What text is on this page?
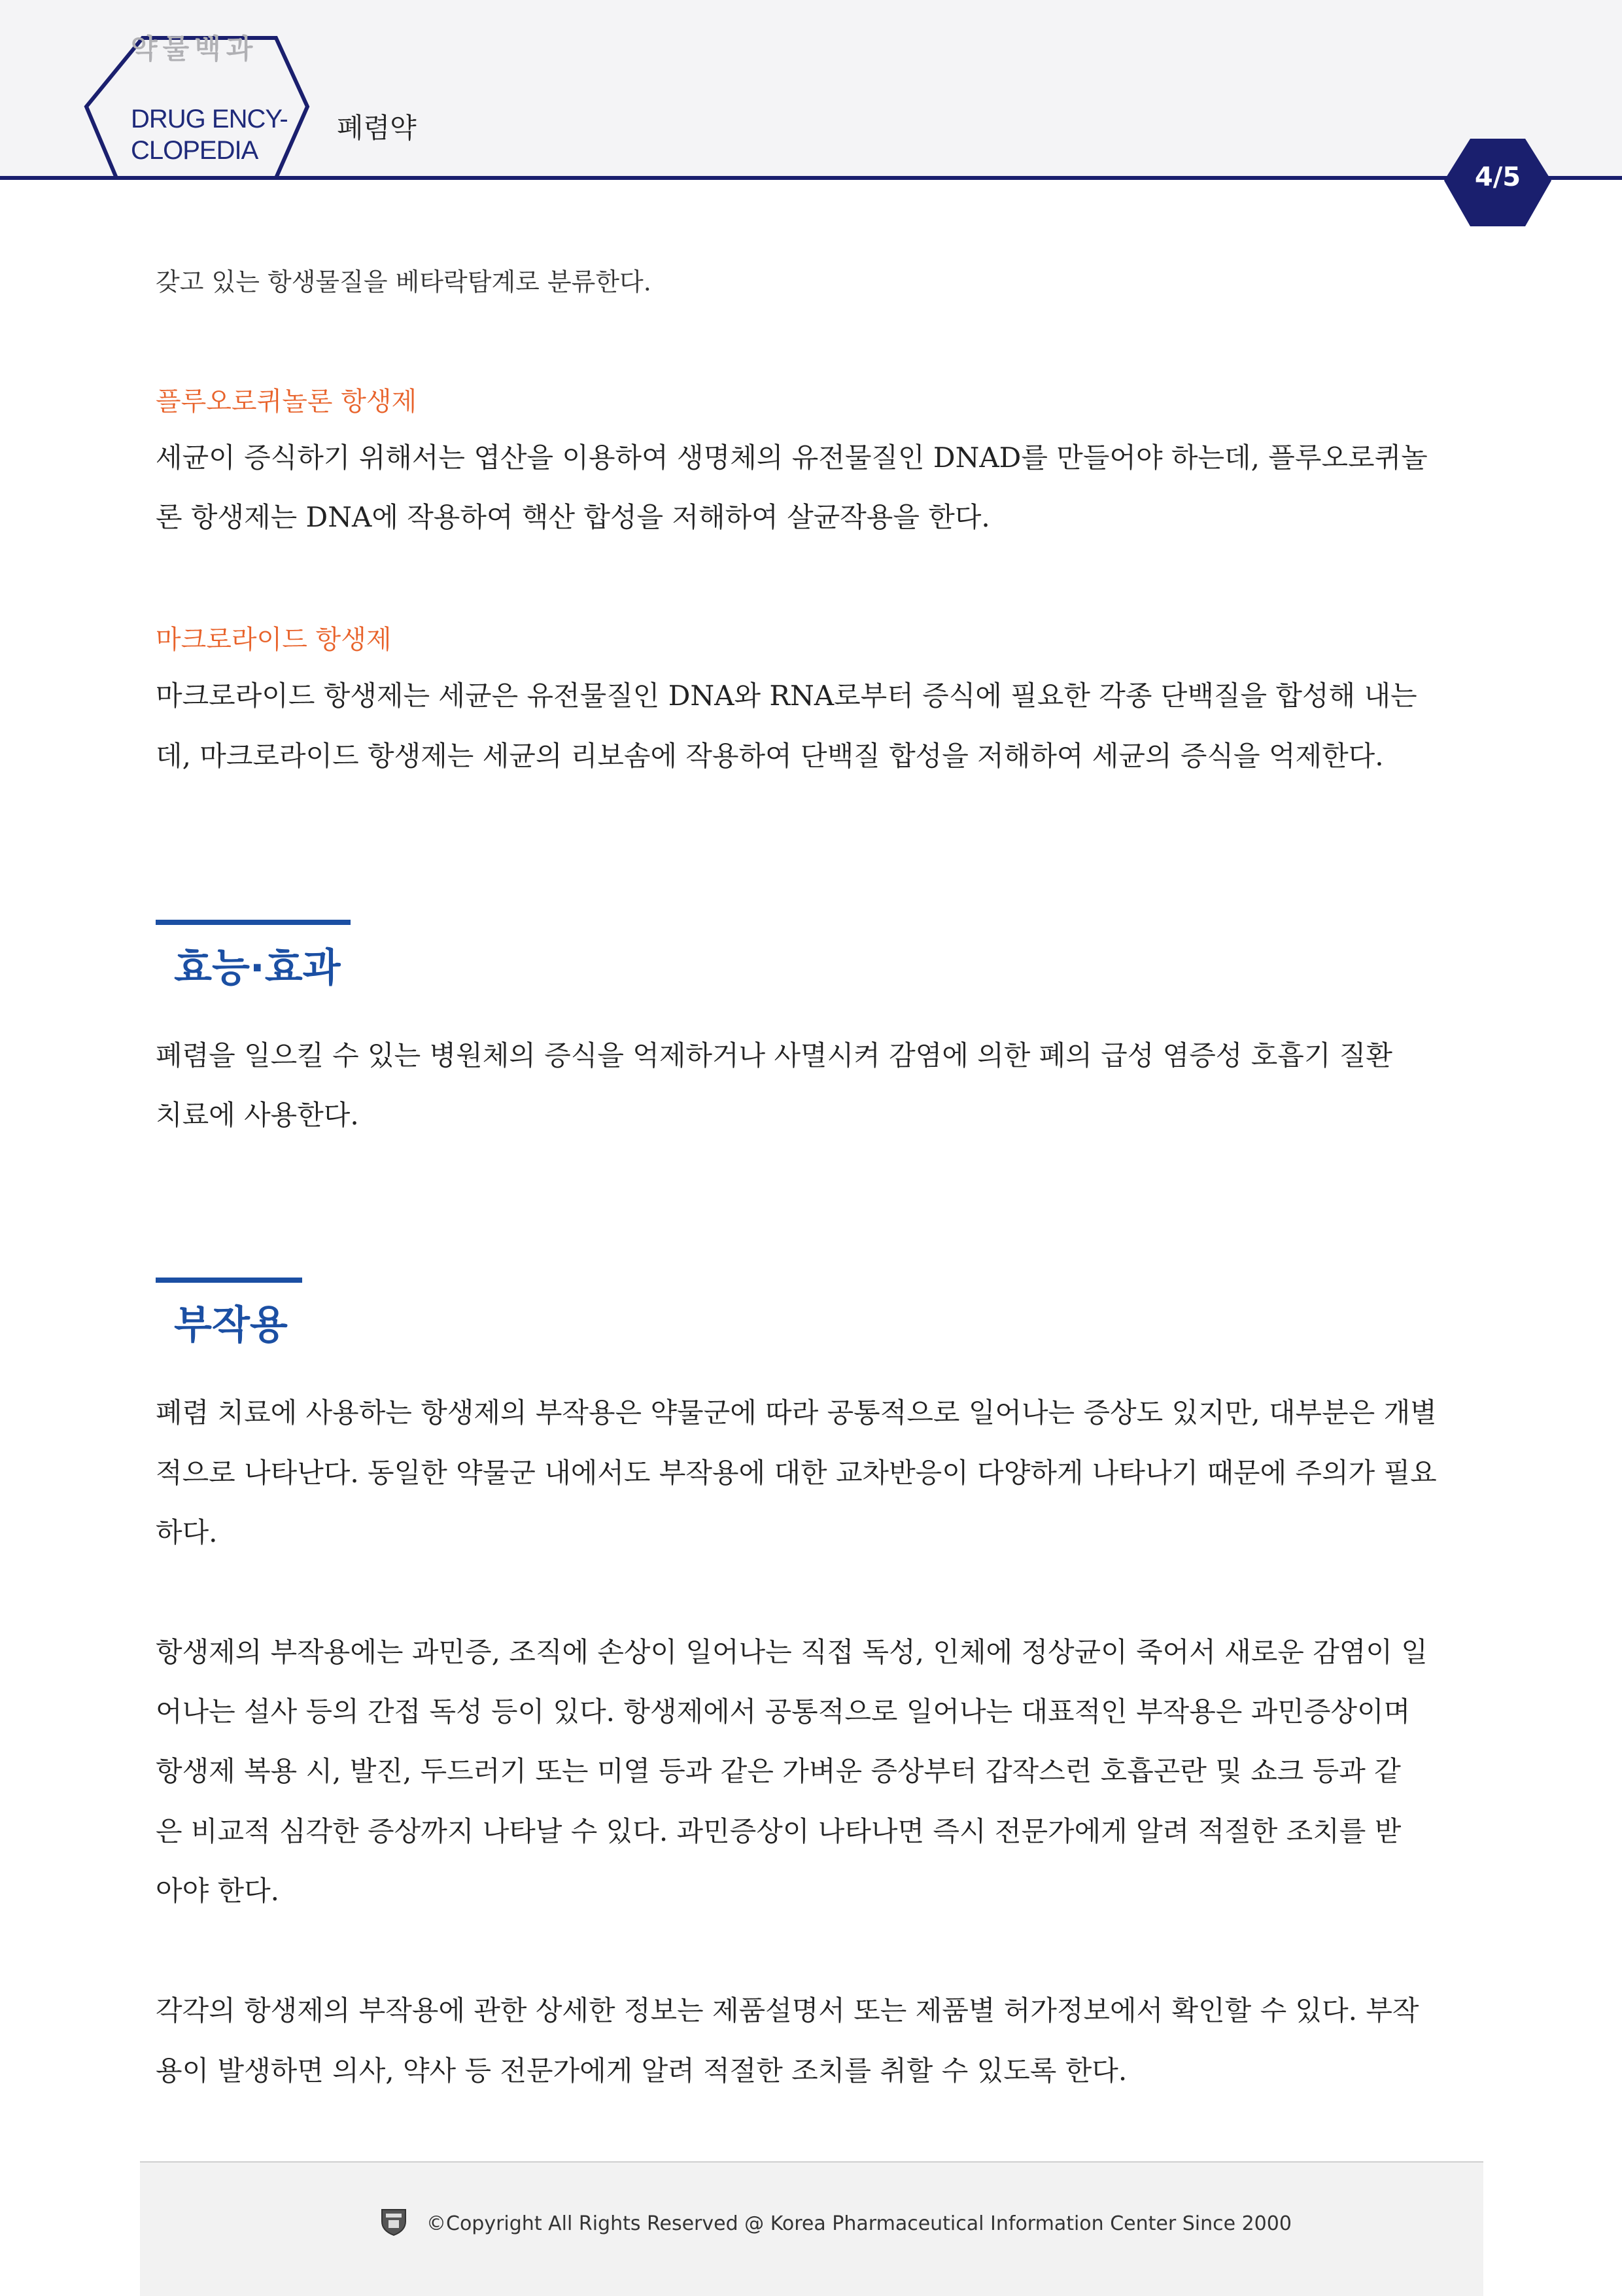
약물백과
DRUG ENCY-
CLOPEDIA
폐렴약
4/5

갖고 있는 항생물질을 베타락탐계로 분류한다.

플루오로퀴놀론 항생제

세균이 증식하기 위해서는 엽산을 이용하여 생명체의 유전물질인 DNAD를 만들어야 하는데, 플루오로퀴놀

론 항생제는 DNA에 작용하여 핵산 합성을 저해하여 살균작용을 한다.

마크로라이드 항생제

마크로라이드 항생제는 세균은 유전물질인 DNA와 RNA로부터 증식에 필요한 각종 단백질을 합성해 내는

데, 마크로라이드 항생제는 세균의 리보솜에 작용하여 단백질 합성을 저해하여 세균의 증식을 억제한다.

효능·효과

폐렴을 일으킬 수 있는 병원체의 증식을 억제하거나 사멸시켜 감염에 의한 폐의 급성 염증성 호흡기 질환

치료에 사용한다.

부작용

폐렴 치료에 사용하는 항생제의 부작용은 약물군에 따라 공통적으로 일어나는 증상도 있지만, 대부분은 개별

적으로 나타난다. 동일한 약물군 내에서도 부작용에 대한 교차반응이 다양하게 나타나기 때문에 주의가 필요

하다.

항생제의 부작용에는 과민증, 조직에 손상이 일어나는 직접 독성, 인체에 정상균이 죽어서 새로운 감염이 일

어나는 설사 등의 간접 독성 등이 있다. 항생제에서 공통적으로 일어나는 대표적인 부작용은 과민증상이며

항생제 복용 시, 발진, 두드러기 또는 미열 등과 같은 가벼운 증상부터 갑작스런 호흡곤란 및 쇼크 등과 같

은 비교적 심각한 증상까지 나타날 수 있다. 과민증상이 나타나면 즉시 전문가에게 알려 적절한 조치를 받

아야 한다.

각각의 항생제의 부작용에 관한 상세한 정보는 제품설명서 또는 제품별 허가정보에서 확인할 수 있다. 부작

용이 발생하면 의사, 약사 등 전문가에게 알려 적절한 조치를 취할 수 있도록 한다.

©Copyright All Rights Reserved @ Korea Pharmaceutical Information Center Since 2000
